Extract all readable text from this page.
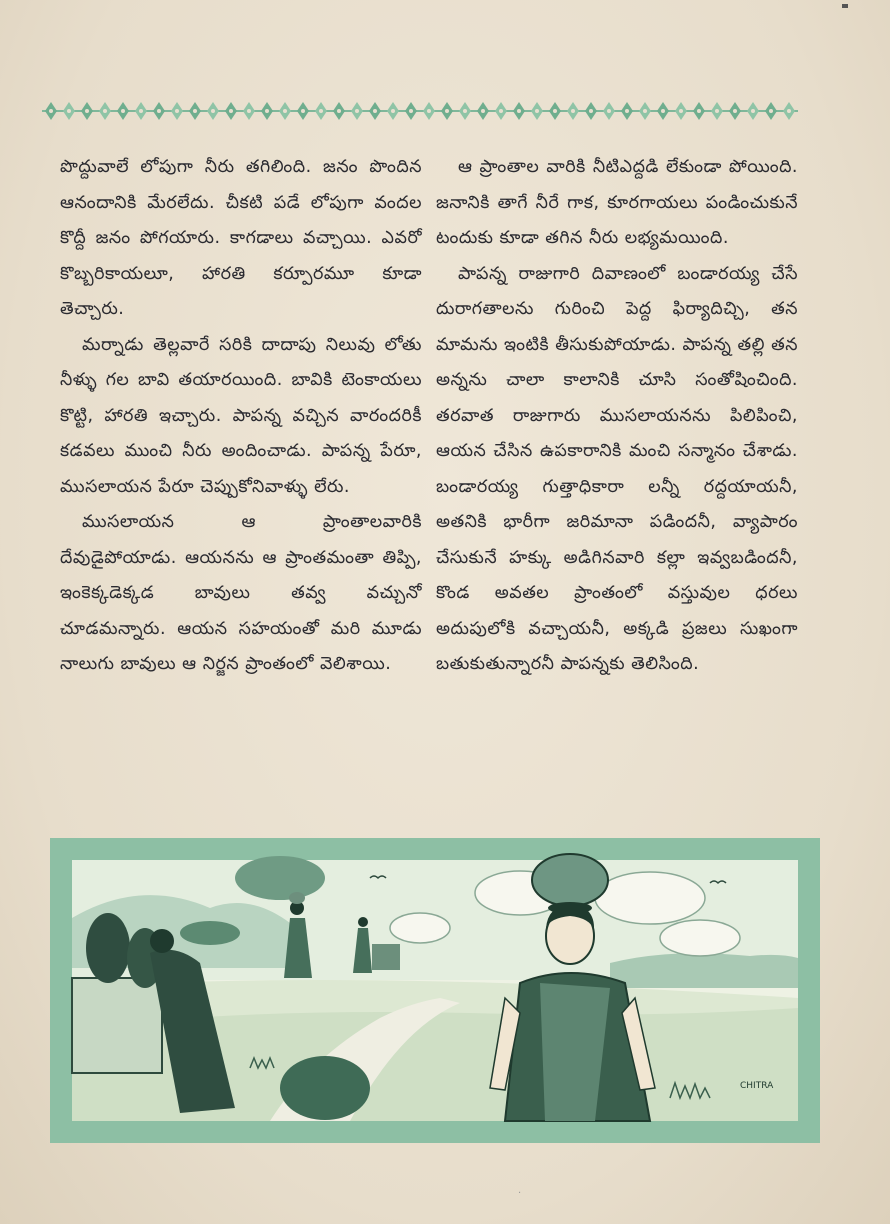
పొద్దువాలే లోపుగా నీరు తగిలింది. జనం పొందిన ఆనందానికి మేరలేదు. చీకటి పడే లోపుగా వందల కొద్దీ జనం పోగయారు. కాగడాలు వచ్చాయి. ఎవరో కొబ్బరికాయలూ, హారతి కర్పూరమూ కూడా తెచ్చారు.

మర్నాడు తెల్లవారే సరికి దాదాపు నిలువు లోతు నీళ్ళు గల బావి తయారయింది. బావికి టెంకాయలు కొట్టి, హారతి ఇచ్చారు. పాపన్న వచ్చిన వారందరికీ కడవలు ముంచి నీరు అందించాడు. పాపన్న పేరూ, ముసలాయన పేరూ చెప్పుకోనివాళ్ళు లేరు.

ముసలాయన ఆ ప్రాంతాలవారికి దేవుడైపోయాడు. ఆయనను ఆ ప్రాంతమంతా తిప్పి, ఇంకెక్కడెక్కడ బావులు తవ్వ వచ్చునో చూడమన్నారు. ఆయన సహయంతో మరి మూడు నాలుగు బావులు ఆ నిర్జన ప్రాంతంలో వెలిశాయి.

ఆ ప్రాంతాల వారికి నీటిఎద్దడి లేకుండా పోయింది. జనానికి తాగే నీరే గాక, కూరగాయలు పండించుకునే టందుకు కూడా తగిన నీరు లభ్యమయింది.

పాపన్న రాజుగారి దివాణంలో బండారయ్య చేసే దురాగతాలను గురించి పెద్ద ఫిర్యాదిచ్చి, తన మామను ఇంటికి తీసుకుపోయాడు. పాపన్న తల్లి తన అన్నను చాలా కాలానికి చూసి సంతోషించింది. తరవాత రాజుగారు ముసలాయనను పిలిపించి, ఆయన చేసిన ఉపకారానికి మంచి సన్మానం చేశాడు. బండారయ్య గుత్తాధికారా లన్నీ రద్దయాయనీ, అతనికి భారీగా జరిమానా పడిందనీ, వ్యాపారం చేసుకునే హక్కు అడిగినవారి కల్లా ఇవ్వబడిందనీ, కొండ అవతల ప్రాంతంలో వస్తువుల ధరలు అదుపులోకి వచ్చాయనీ, అక్కడి ప్రజలు సుఖంగా బతుకుతున్నారనీ పాపన్నకు తెలిసింది.

CHITRA
·
